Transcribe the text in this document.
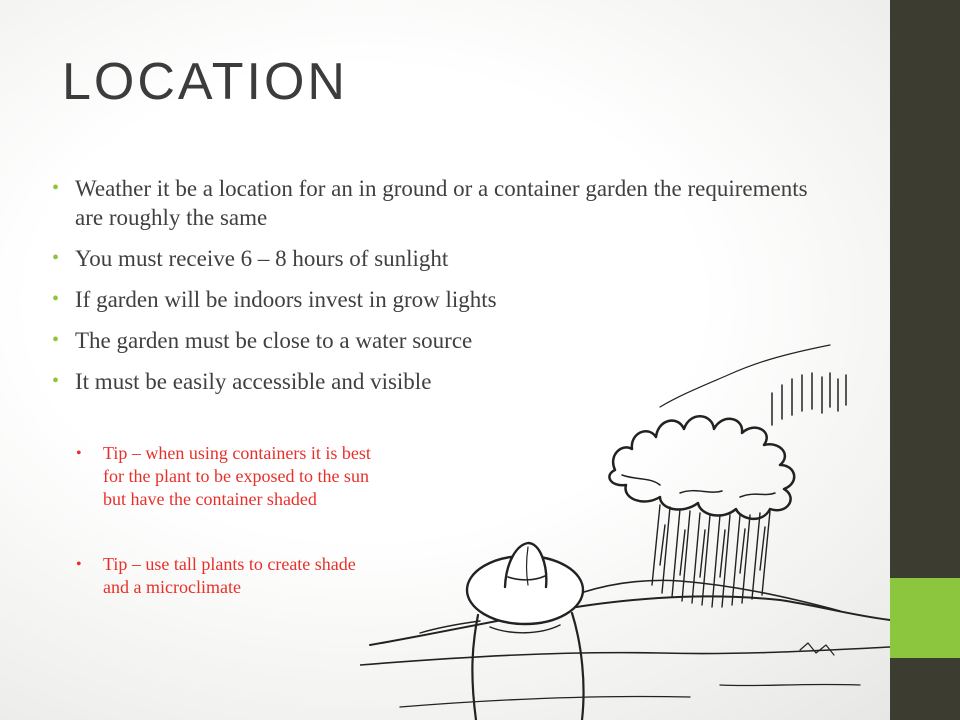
LOCATION
• Weather it be a location for an in ground or a container garden the requirements are roughly the same
• You must receive 6 – 8 hours of sunlight
• If garden will be indoors invest in grow lights
• The garden must be close to a water source
• It must be easily accessible and visible
• Tip – when using containers it is best for the plant to be exposed to the sun but have the container shaded
• Tip – use tall plants to create shade and a microclimate
